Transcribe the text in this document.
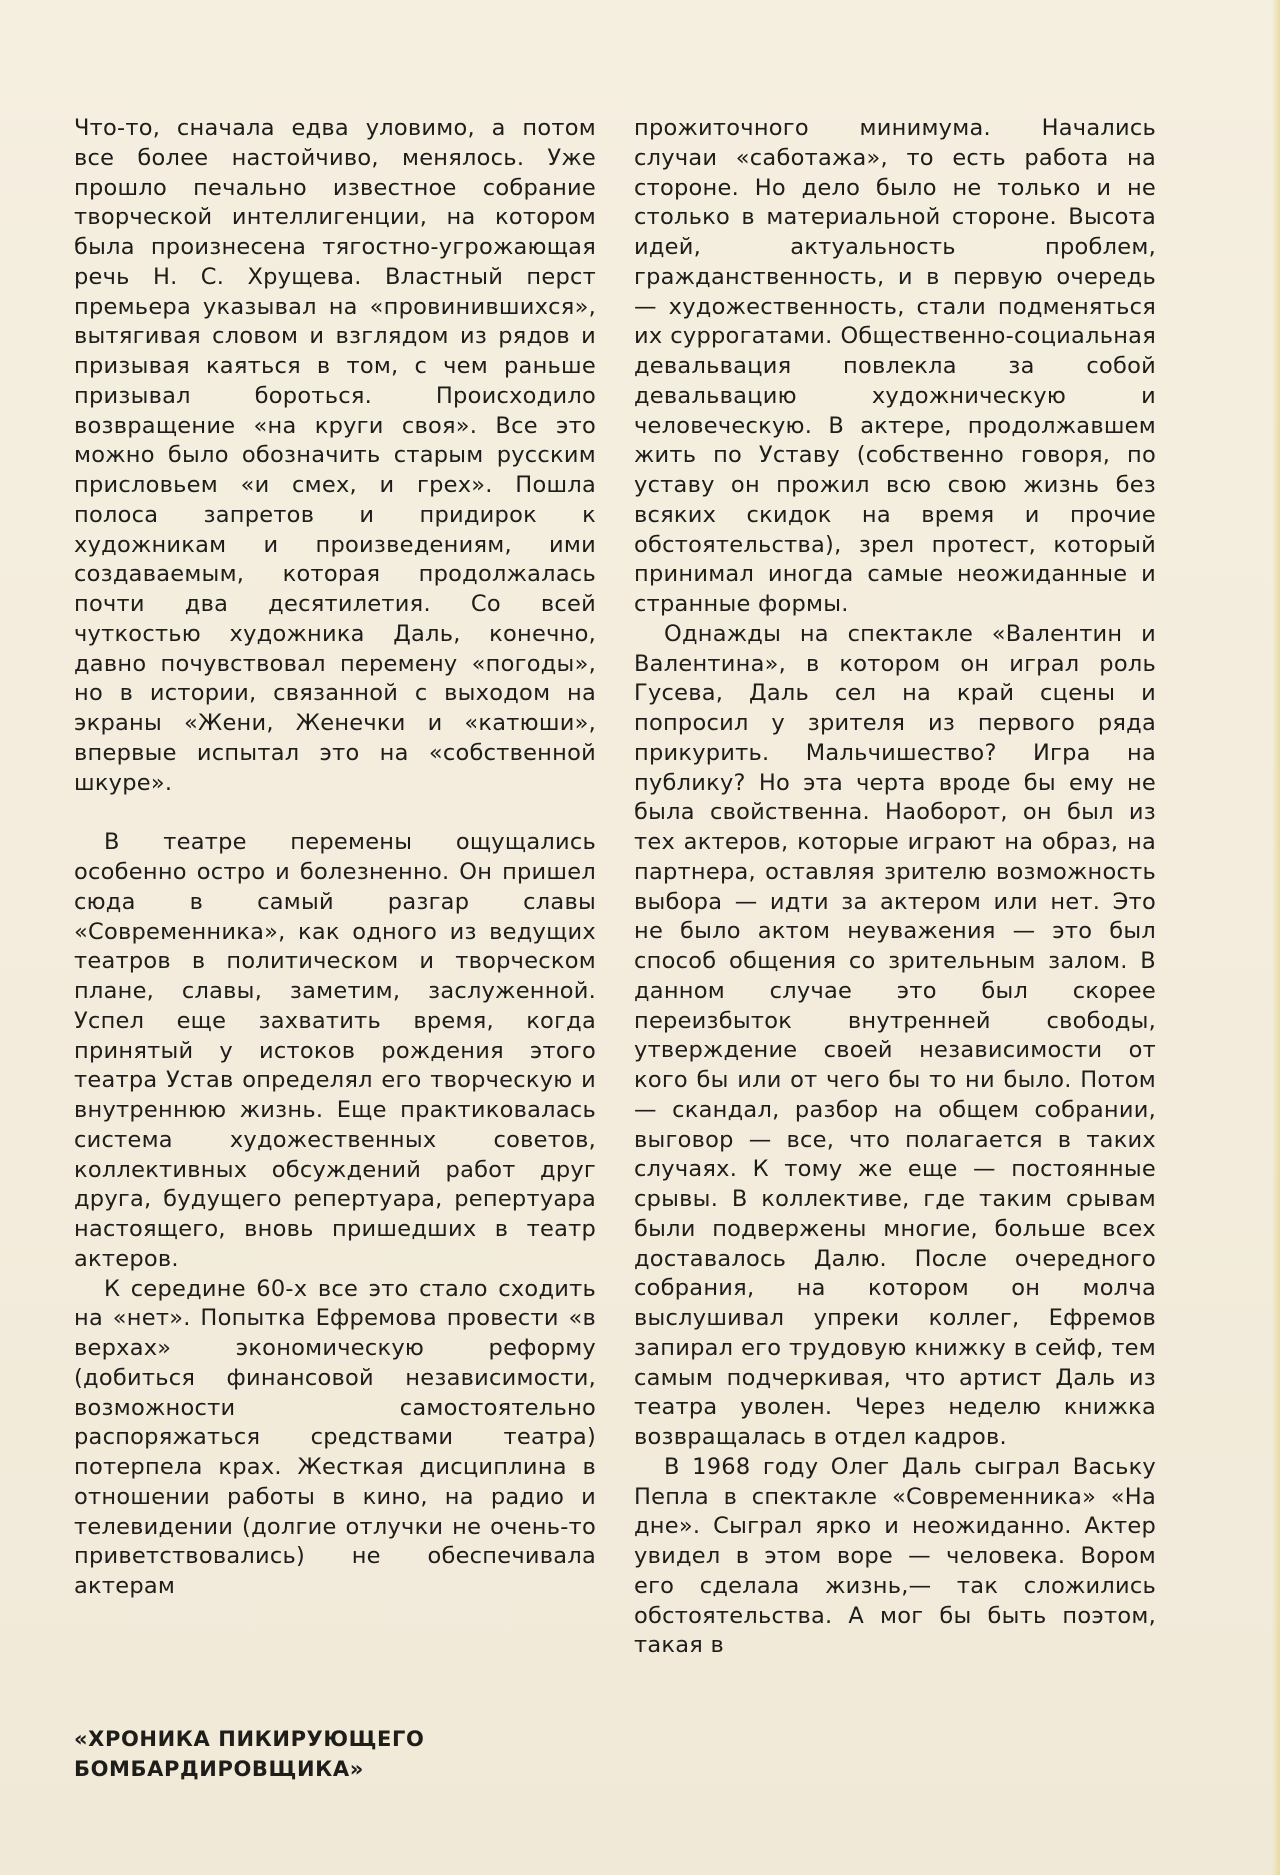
Что-то, сначала едва уловимо, а потом все более настойчиво, менялось. Уже прошло печально известное собрание творческой интеллигенции, на котором была произнесена тягостно-угрожающая речь Н. С. Хрущева. Властный перст премьера указывал на «провинившихся», вытягивая словом и взглядом из рядов и призывая каяться в том, с чем раньше призывал бороться. Происходило возвращение «на круги своя». Все это можно было обозначить старым русским присловьем «и смех, и грех». Пошла полоса запретов и придирок к художникам и произведениям, ими создаваемым, которая продолжалась почти два десятилетия. Со всей чуткостью художника Даль, конечно, давно почувствовал перемену «погоды», но в истории, связанной с выходом на экраны «Жени, Женечки и «катюши», впервые испытал это на «собственной шкуре».

В театре перемены ощущались особенно остро и болезненно. Он пришел сюда в самый разгар славы «Современника», как одного из ведущих театров в политическом и творческом плане, славы, заметим, заслуженной. Успел еще захватить время, когда принятый у истоков рождения этого театра Устав определял его творческую и внутреннюю жизнь. Еще практиковалась система художественных советов, коллективных обсуждений работ друг друга, будущего репертуара, репертуара настоящего, вновь пришедших в театр актеров.

К середине 60-х все это стало сходить на «нет». Попытка Ефремова провести «в верхах» экономическую реформу (добиться финансовой независимости, возможности самостоятельно распоряжаться средствами театра) потерпела крах. Жесткая дисциплина в отношении работы в кино, на радио и телевидении (долгие отлучки не очень-то приветствовались) не обеспечивала актерам

прожиточного минимума. Начались случаи «саботажа», то есть работа на стороне. Но дело было не только и не столько в материальной стороне. Высота идей, актуальность проблем, гражданственность, и в первую очередь — художественность, стали подменяться их суррогатами. Общественно-социальная девальвация повлекла за собой девальвацию художническую и человеческую. В актере, продолжавшем жить по Уставу (собственно говоря, по уставу он прожил всю свою жизнь без всяких скидок на время и прочие обстоятельства), зрел протест, который принимал иногда самые неожиданные и странные формы.

Однажды на спектакле «Валентин и Валентина», в котором он играл роль Гусева, Даль сел на край сцены и попросил у зрителя из первого ряда прикурить. Мальчишество? Игра на публику? Но эта черта вроде бы ему не была свойственна. Наоборот, он был из тех актеров, которые играют на образ, на партнера, оставляя зрителю возможность выбора — идти за актером или нет. Это не было актом неуважения — это был способ общения со зрительным залом. В данном случае это был скорее переизбыток внутренней свободы, утверждение своей независимости от кого бы или от чего бы то ни было. Потом — скандал, разбор на общем собрании, выговор — все, что полагается в таких случаях. К тому же еще — постоянные срывы. В коллективе, где таким срывам были подвержены многие, больше всех доставалось Далю. После очередного собрания, на котором он молча выслушивал упреки коллег, Ефремов запирал его трудовую книжку в сейф, тем самым подчеркивая, что артист Даль из театра уволен. Через неделю книжка возвращалась в отдел кадров.

В 1968 году Олег Даль сыграл Ваську Пепла в спектакле «Современника» «На дне». Сыграл ярко и неожиданно. Актер увидел в этом воре — человека. Вором его сделала жизнь,— так сложились обстоятельства. А мог бы быть поэтом, такая в

«ХРОНИКА ПИКИРУЮЩЕГО
БОМБАРДИРОВЩИКА»
